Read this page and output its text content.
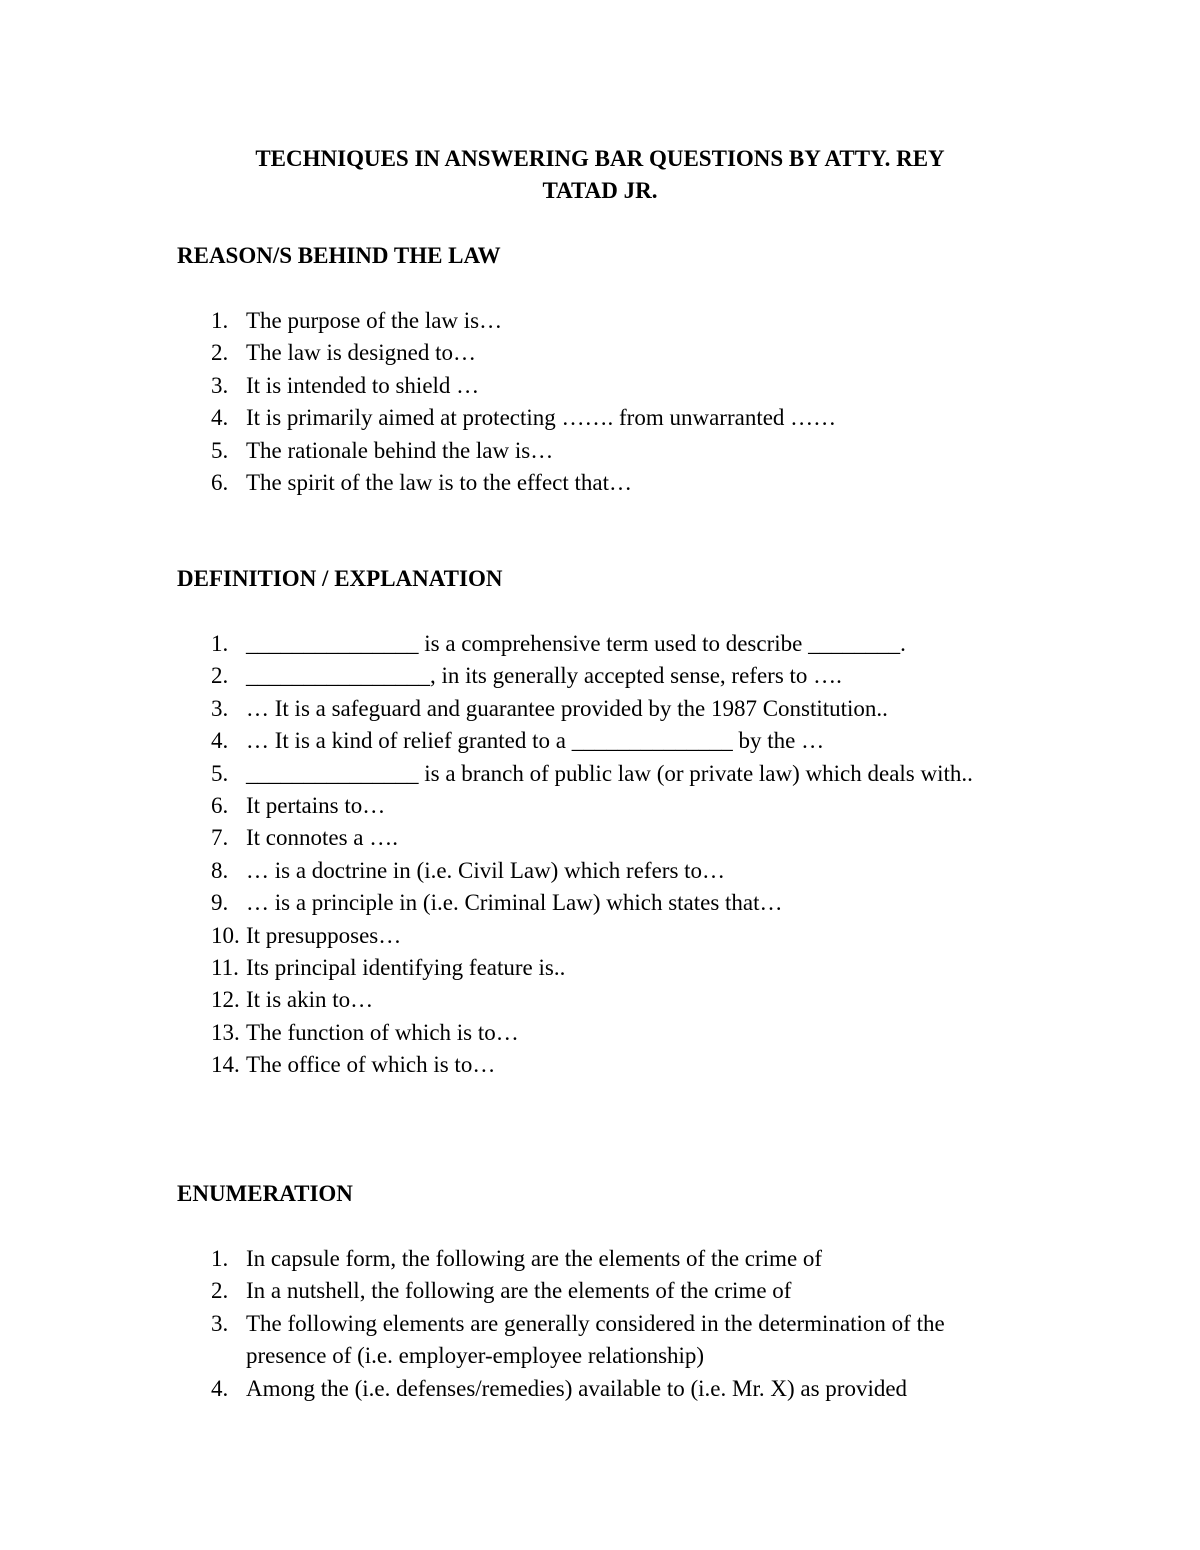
TECHNIQUES IN ANSWERING BAR QUESTIONS BY ATTY. REY
TATAD JR.
REASON/S BEHIND THE LAW
1. The purpose of the law is…
2. The law is designed to…
3. It is intended to shield …
4. It is primarily aimed at protecting ……. from unwarranted ……
5. The rationale behind the law is…
6. The spirit of the law is to the effect that…
DEFINITION / EXPLANATION
1. _______________ is a comprehensive term used to describe ________.
2. ________________, in its generally accepted sense, refers to ….
3. … It is a safeguard and guarantee provided by the 1987 Constitution..
4. … It is a kind of relief granted to a ______________ by the …
5. _______________ is a branch of public law (or private law) which deals with..
6. It pertains to…
7. It connotes a ….
8. … is a doctrine in (i.e. Civil Law) which refers to…
9. … is a principle in (i.e. Criminal Law) which states that…
10. It presupposes…
11. Its principal identifying feature is..
12. It is akin to…
13. The function of which is to…
14. The office of which is to…
ENUMERATION
1. In capsule form, the following are the elements of the crime of
2. In a nutshell, the following are the elements of the crime of
3. The following elements are generally considered in the determination of the presence of (i.e. employer-employee relationship)
4. Among the (i.e. defenses/remedies) available to (i.e. Mr. X) as provided
